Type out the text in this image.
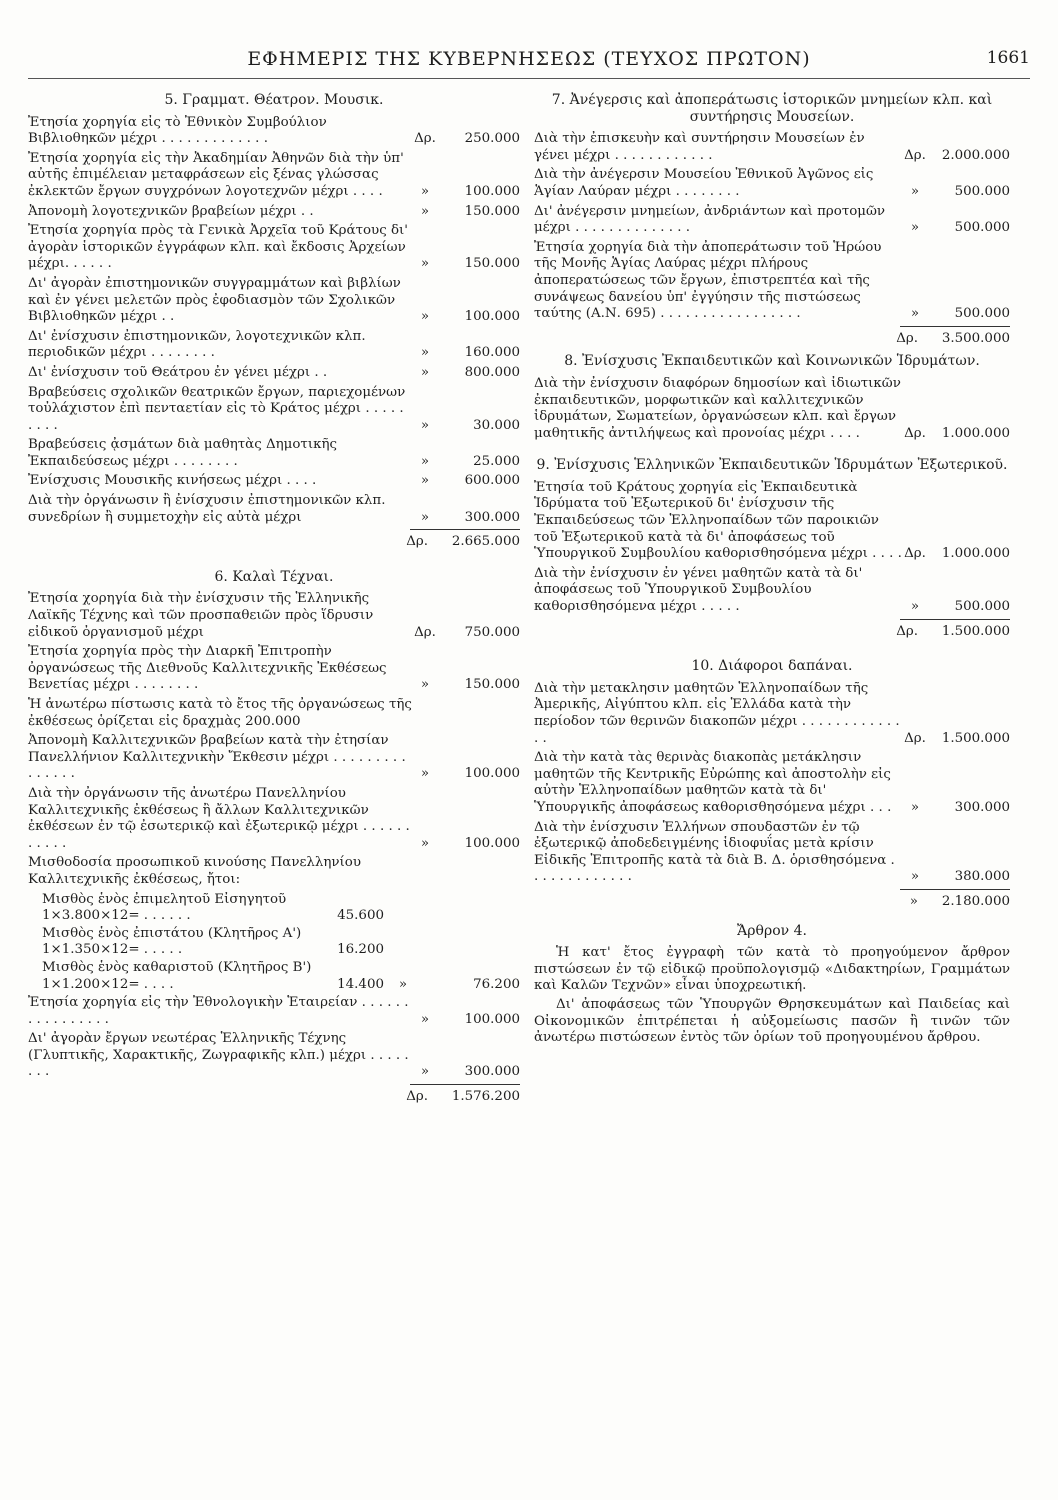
ΕΦΗΜΕΡΙΣ ΤΗΣ ΚΥΒΕΡΝΗΣΕΩΣ (ΤΕΥΧΟΣ ΠΡΩΤΟΝ)	1661
5. Γραμματ. Θέατρον. Μουσικ.
Ἐτησία χορηγία εἰς τὸ Ἐθνικὸν Συμβούλιον Βιβλιοθηκῶν μέχρι . . . . . . . . . . . . .	Δρ.	250.000
Ἐτησία χορηγία εἰς τὴν Ἀκαδημίαν Ἀθηνῶν διὰ τὴν ὑπ' αὐτῆς ἐπιμέλειαν μεταφράσεων εἰς ξένας γλώσσας ἐκλεκτῶν ἔργων συγχρόνων λογοτεχνῶν μέχρι . . . .	»	100.000
Ἀπονομὴ λογοτεχνικῶν βραβείων μέχρι . .	»	150.000
Ἐτησία χορηγία πρὸς τὰ Γενικὰ Ἀρχεῖα τοῦ Κράτους δι' ἀγορὰν ἱστορικῶν ἐγγράφων κλπ. καὶ ἔκδοσις Ἀρχείων μέχρι. . . . . .	»	150.000
Δι' ἀγορὰν ἐπιστημονικῶν συγγραμμάτων καὶ βιβλίων καὶ ἐν γένει μελετῶν πρὸς ἐφοδιασμὸν τῶν Σχολικῶν Βιβλιοθηκῶν μέχρι . .	»	100.000
Δι' ἐνίσχυσιν ἐπιστημονικῶν, λογοτεχνικῶν κλπ. περιοδικῶν μέχρι . . . . . . . .	»	160.000
Δι' ἐνίσχυσιν τοῦ Θεάτρου ἐν γένει μέχρι . .	»	800.000
Βραβεύσεις σχολικῶν θεατρικῶν ἔργων, παριεχομένων τοὐλάχιστον ἐπὶ πενταετίαν εἰς τὸ Κράτος μέχρι . . . . . . . . .	»	30.000
Βραβεύσεις ᾀσμάτων διὰ μαθητὰς Δημοτικῆς Ἐκπαιδεύσεως μέχρι . . . . . . . .	»	25.000
Ἐνίσχυσις Μουσικῆς κινήσεως μέχρι . . . .	»	600.000
Διὰ τὴν ὀργάνωσιν ἢ ἐνίσχυσιν ἐπιστημονικῶν κλπ. συνεδρίων ἢ συμμετοχὴν εἰς αὐτὰ μέχρι	»	300.000
Δρ.	2.665.000
6. Καλαὶ Τέχναι.
Ἐτησία χορηγία διὰ τὴν ἐνίσχυσιν τῆς Ἑλληνικῆς Λαϊκῆς Τέχνης καὶ τῶν προσπαθειῶν πρὸς ἵδρυσιν εἰδικοῦ ὀργανισμοῦ μέχρι	Δρ.	750.000
Ἐτησία χορηγία πρὸς τὴν Διαρκῆ Ἐπιτροπὴν ὀργανώσεως τῆς Διεθνοῦς Καλλιτεχνικῆς Ἐκθέσεως Βενετίας μέχρι . . . . . . . .	»	150.000
Ἡ ἀνωτέρω πίστωσις κατὰ τὸ ἔτος τῆς ὀργανώσεως τῆς ἐκθέσεως ὁρίζεται εἰς δραχμὰς 200.000
Ἀπονομὴ Καλλιτεχνικῶν βραβείων κατὰ τὴν ἐτησίαν Πανελλήνιον Καλλιτεχνικὴν Ἔκθεσιν μέχρι . . . . . . . . . . . . . . .	»	100.000
Διὰ τὴν ὀργάνωσιν τῆς ἀνωτέρω Πανελληνίου Καλλιτεχνικῆς ἐκθέσεως ἢ ἄλλων Καλλιτεχνικῶν ἐκθέσεων ἐν τῷ ἐσωτερικῷ καὶ ἐξωτερικῷ μέχρι . . . . . . . . . . .	»	100.000
Μισθοδοσία προσωπικοῦ κινούσης Πανελληνίου Καλλιτεχνικῆς ἐκθέσεως, ἤτοι:
Μισθὸς ἑνὸς ἐπιμελητοῦ Εἰσηγητοῦ 1×3.800×12= . . . . . .	45.600
Μισθὸς ἑνὸς ἐπιστάτου (Κλητῆρος Α') 1×1.350×12= . . . . .	16.200
Μισθὸς ἑνὸς καθαριστοῦ (Κλητῆρος Β') 1×1.200×12= . . . .	14.400	»	76.200
Ἐτησία χορηγία εἰς τὴν Ἐθνολογικὴν Ἑταιρείαν . . . . . . . . . . . . . . . .	»	100.000
Δι' ἀγορὰν ἔργων νεωτέρας Ἑλληνικῆς Τέχνης (Γλυπτικῆς, Χαρακτικῆς, Ζωγραφικῆς κλπ.) μέχρι . . . . . . . .	»	300.000
Δρ.	1.576.200
7. Ἀνέγερσις καὶ ἀποπεράτωσις ἱστορικῶν μνημείων κλπ. καὶ συντήρησις Μουσείων.
Διὰ τὴν ἐπισκευὴν καὶ συντήρησιν Μουσείων ἐν γένει μέχρι . . . . . . . . . . . .	Δρ.	2.000.000
Διὰ τὴν ἀνέγερσιν Μουσείου Ἐθνικοῦ Ἀγῶνος εἰς Ἁγίαν Λαύραν μέχρι . . . . . . . .	»	500.000
Δι' ἀνέγερσιν μνημείων, ἀνδριάντων καὶ προτομῶν μέχρι . . . . . . . . . . . . . .	»	500.000
Ἐτησία χορηγία διὰ τὴν ἀποπεράτωσιν τοῦ Ἡρώου τῆς Μονῆς Ἁγίας Λαύρας μέχρι πλήρους ἀποπερατώσεως τῶν ἔργων, ἐπιστρεπτέα καὶ τῆς συνάψεως δανείου ὑπ' ἐγγύησιν τῆς πιστώσεως ταύτης (Α.Ν. 695) . . . . . . . . . . . . . . . . .	»	500.000
Δρ.	3.500.000
8. Ἐνίσχυσις Ἐκπαιδευτικῶν καὶ Κοινωνικῶν Ἱδρυμάτων.
Διὰ τὴν ἐνίσχυσιν διαφόρων δημοσίων καὶ ἰδιωτικῶν ἐκπαιδευτικῶν, μορφωτικῶν καὶ καλλιτεχνικῶν ἱδρυμάτων, Σωματείων, ὀργανώσεων κλπ. καὶ ἔργων μαθητικῆς ἀντιλήψεως καὶ προνοίας μέχρι . . . .	Δρ.	1.000.000
9. Ἐνίσχυσις Ἑλληνικῶν Ἐκπαιδευτικῶν Ἱδρυμάτων Ἐξωτερικοῦ.
Ἐτησία τοῦ Κράτους χορηγία εἰς Ἐκπαιδευτικὰ Ἱδρύματα τοῦ Ἐξωτερικοῦ δι' ἐνίσχυσιν τῆς Ἐκπαιδεύσεως τῶν Ἑλληνοπαίδων τῶν παροικιῶν τοῦ Ἐξωτερικοῦ κατὰ τὰ δι' ἀποφάσεως τοῦ Ὑπουργικοῦ Συμβουλίου καθορισθησόμενα μέχρι . . . . Δρ.	1.000.000
Διὰ τὴν ἐνίσχυσιν ἐν γένει μαθητῶν κατὰ τὰ δι' ἀποφάσεως τοῦ Ὑπουργικοῦ Συμβουλίου καθορισθησόμενα μέχρι . . . . .	»	500.000
Δρ.	1.500.000
10. Διάφοροι δαπάναι.
Διὰ τὴν μετακλησιν μαθητῶν Ἑλληνοπαίδων τῆς Ἀμερικῆς, Αἰγύπτου κλπ. εἰς Ἑλλάδα κατὰ τὴν περίοδον τῶν θερινῶν διακοπῶν μέχρι . . . . . . . . . . . . . .	Δρ.	1.500.000
Διὰ τὴν κατὰ τὰς θερινὰς διακοπὰς μετάκλησιν μαθητῶν τῆς Κεντρικῆς Εὐρώπης καὶ ἀποστολὴν εἰς αὐτὴν Ἑλληνοπαίδων μαθητῶν κατὰ τὰ δι' Ὑπουργικῆς ἀποφάσεως καθορισθησόμενα μέχρι . . .	»	300.000
Διὰ τὴν ἐνίσχυσιν Ἑλλήνων σπουδαστῶν ἐν τῷ ἐξωτερικῷ ἀποδεδειγμένης ἱδιοφυΐας μετὰ κρίσιν Εἰδικῆς Ἐπιτροπῆς κατὰ τὰ διὰ Β. Δ. ὁρισθησόμενα . . . . . . . . . . . . .	»	380.000
»	2.180.000
Ἄρθρον 4.

Ἡ κατ' ἔτος ἐγγραφὴ τῶν κατὰ τὸ προηγούμενον ἄρθρον πιστώσεων ἐν τῷ εἰδικῷ προϋπολογισμῷ «Διδακτηρίων, Γραμμάτων καὶ Καλῶν Τεχνῶν» εἶναι ὑποχρεωτική.

Δι' ἀποφάσεως τῶν Ὑπουργῶν Θρησκευμάτων καὶ Παιδείας καὶ Οἰκονομικῶν ἐπιτρέπεται ἡ αὐξομείωσις πασῶν ἢ τινῶν τῶν ἀνωτέρω πιστώσεων ἐντὸς τῶν ὁρίων τοῦ προηγουμένου ἄρθρου.
